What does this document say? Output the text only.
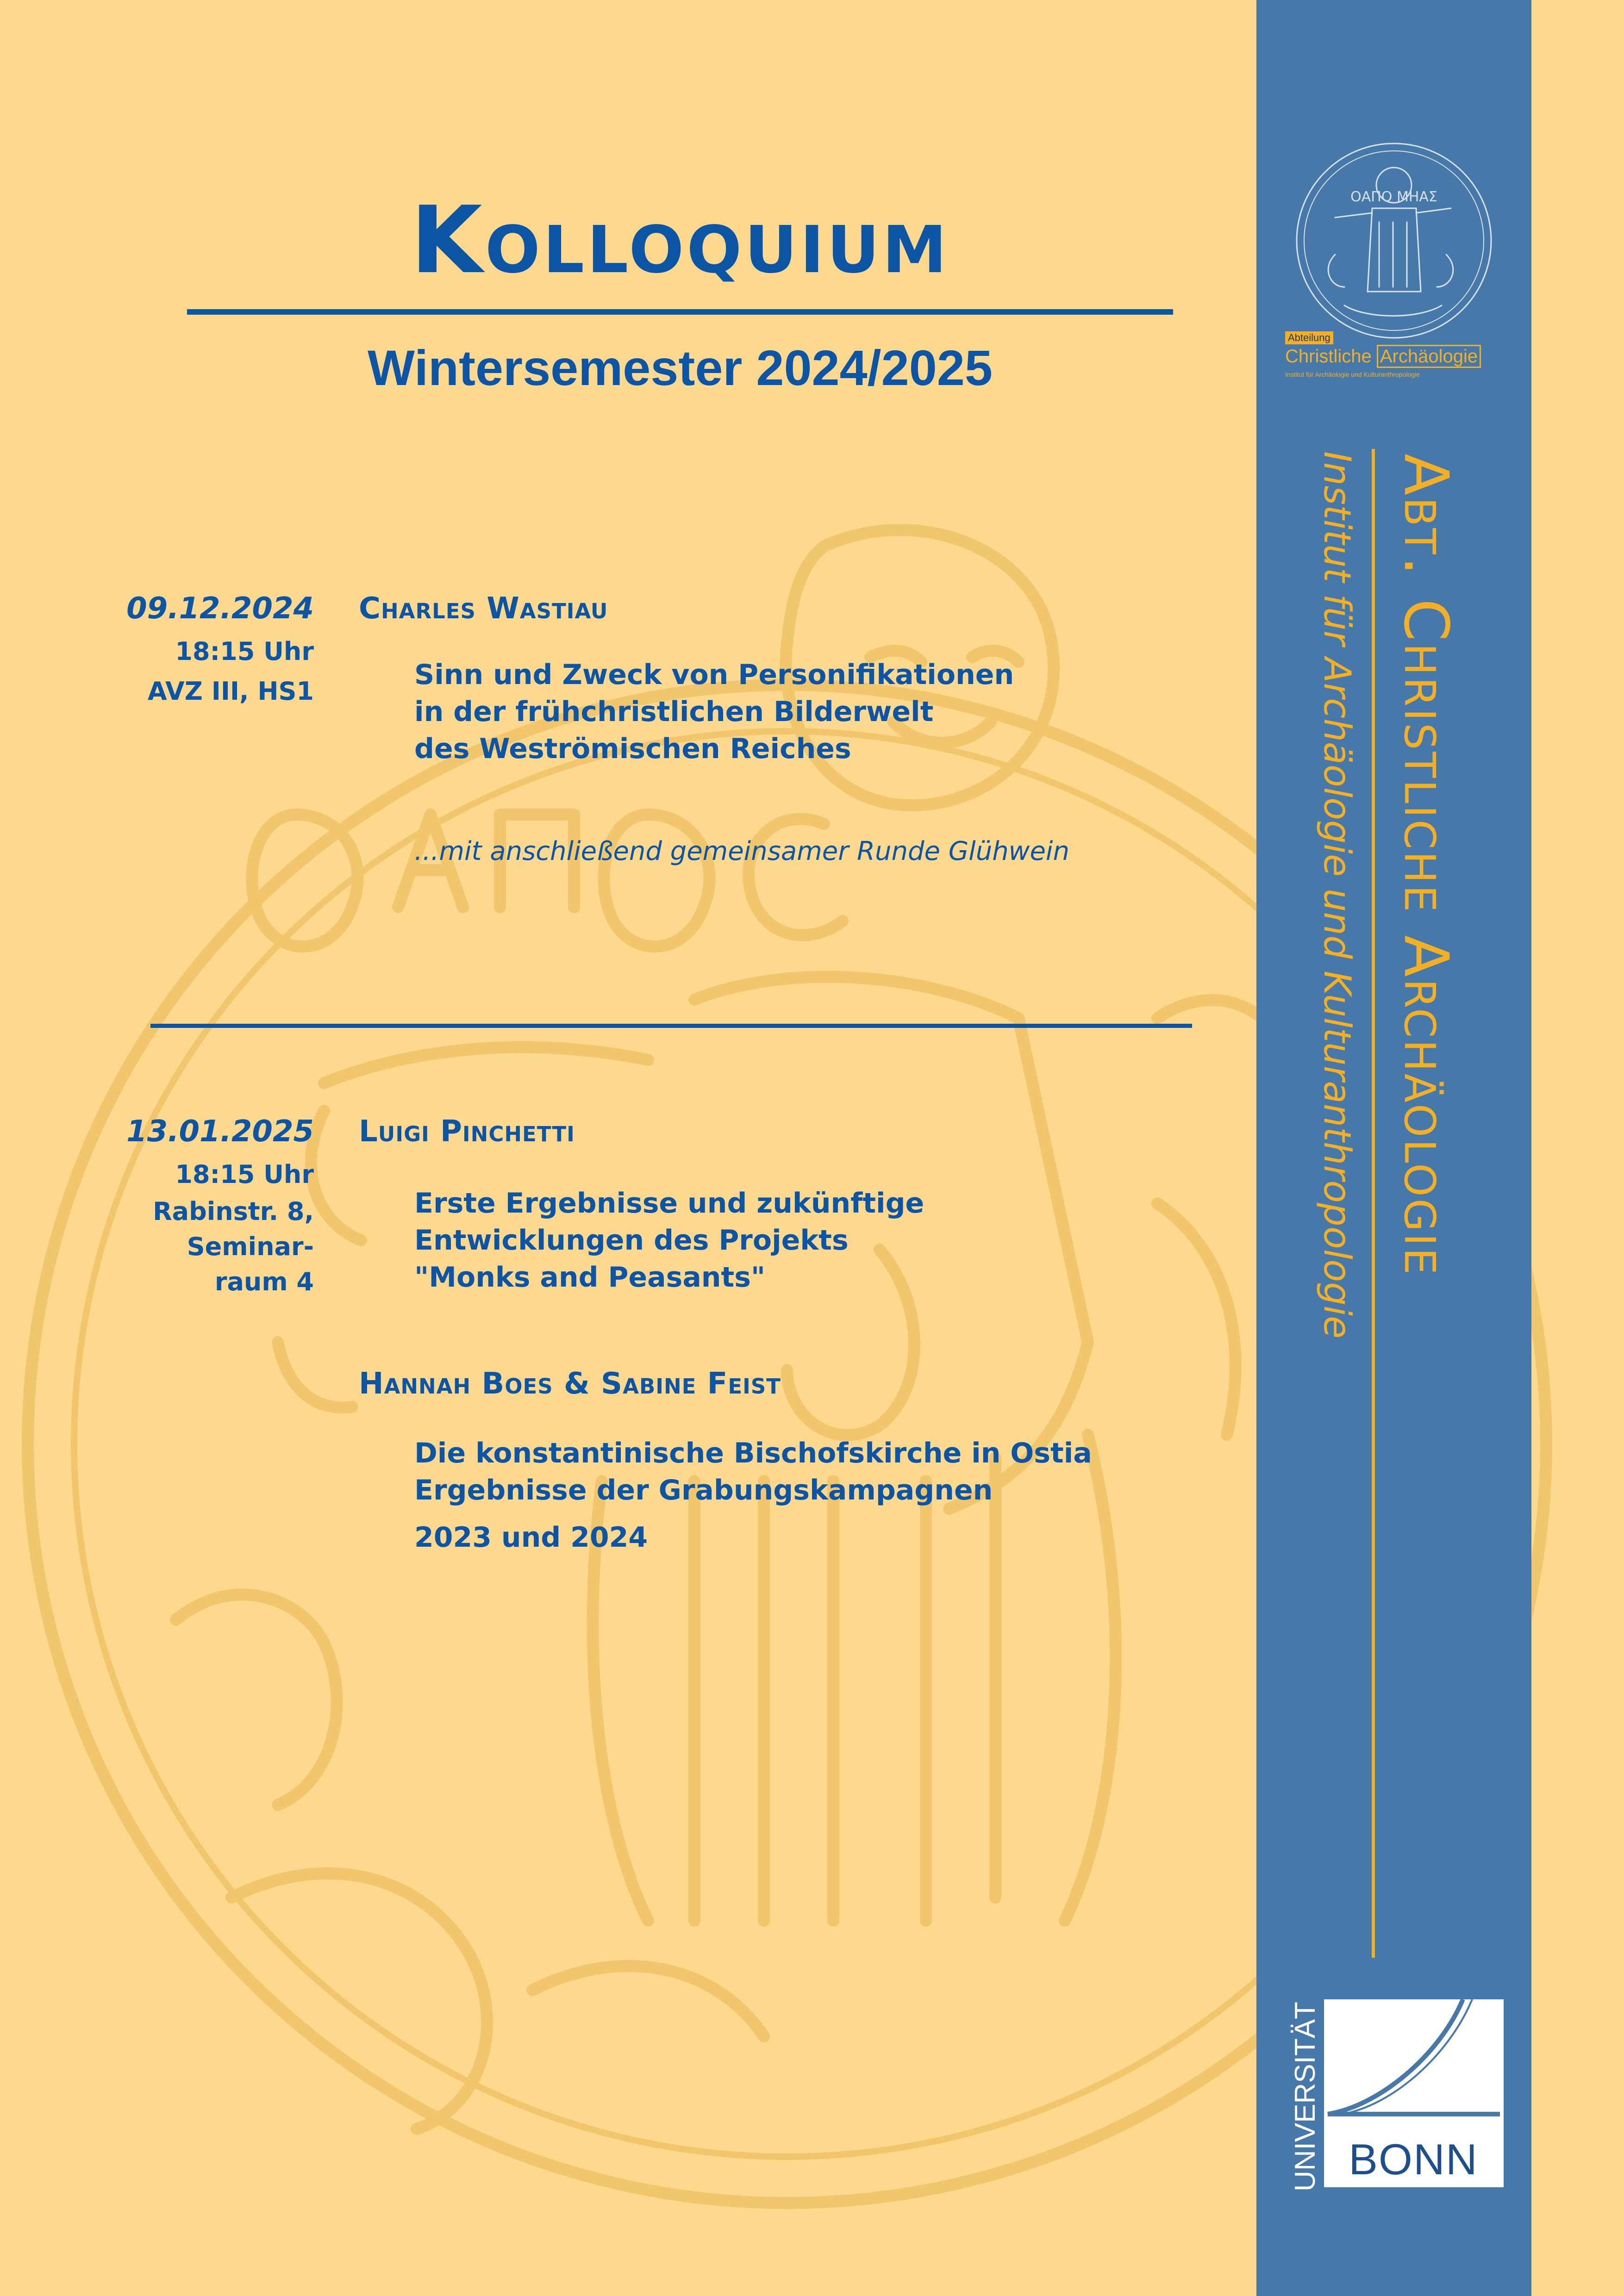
Kolloquium
Wintersemester 2024/2025
09.12.2024
18:15 Uhr
AVZ III, HS1
Charles Wastiau
Sinn und Zweck von Personifikationen
in der frühchristlichen Bilderwelt
des Weströmischen Reiches
...mit anschließend gemeinsamer Runde Glühwein
13.01.2025
18:15 Uhr
Rabinstr. 8,
Seminar-
raum 4
Luigi Pinchetti
Erste Ergebnisse und zukünftige
Entwicklungen des Projekts
"Monks and Peasants"
Hannah Boes & Sabine Feist
Die konstantinische Bischofskirche in Ostia
Ergebnisse der Grabungskampagnen
2023 und 2024
ΟΑΠΟ ΜΗΑΣ
Abteilung
Christliche Archäologie
Institut für Archäologie und Kulturanthropologie
Abt. Christliche Archäologie
Institut für Archäologie und Kulturanthropologie
UNIVERSITÄT BONN
